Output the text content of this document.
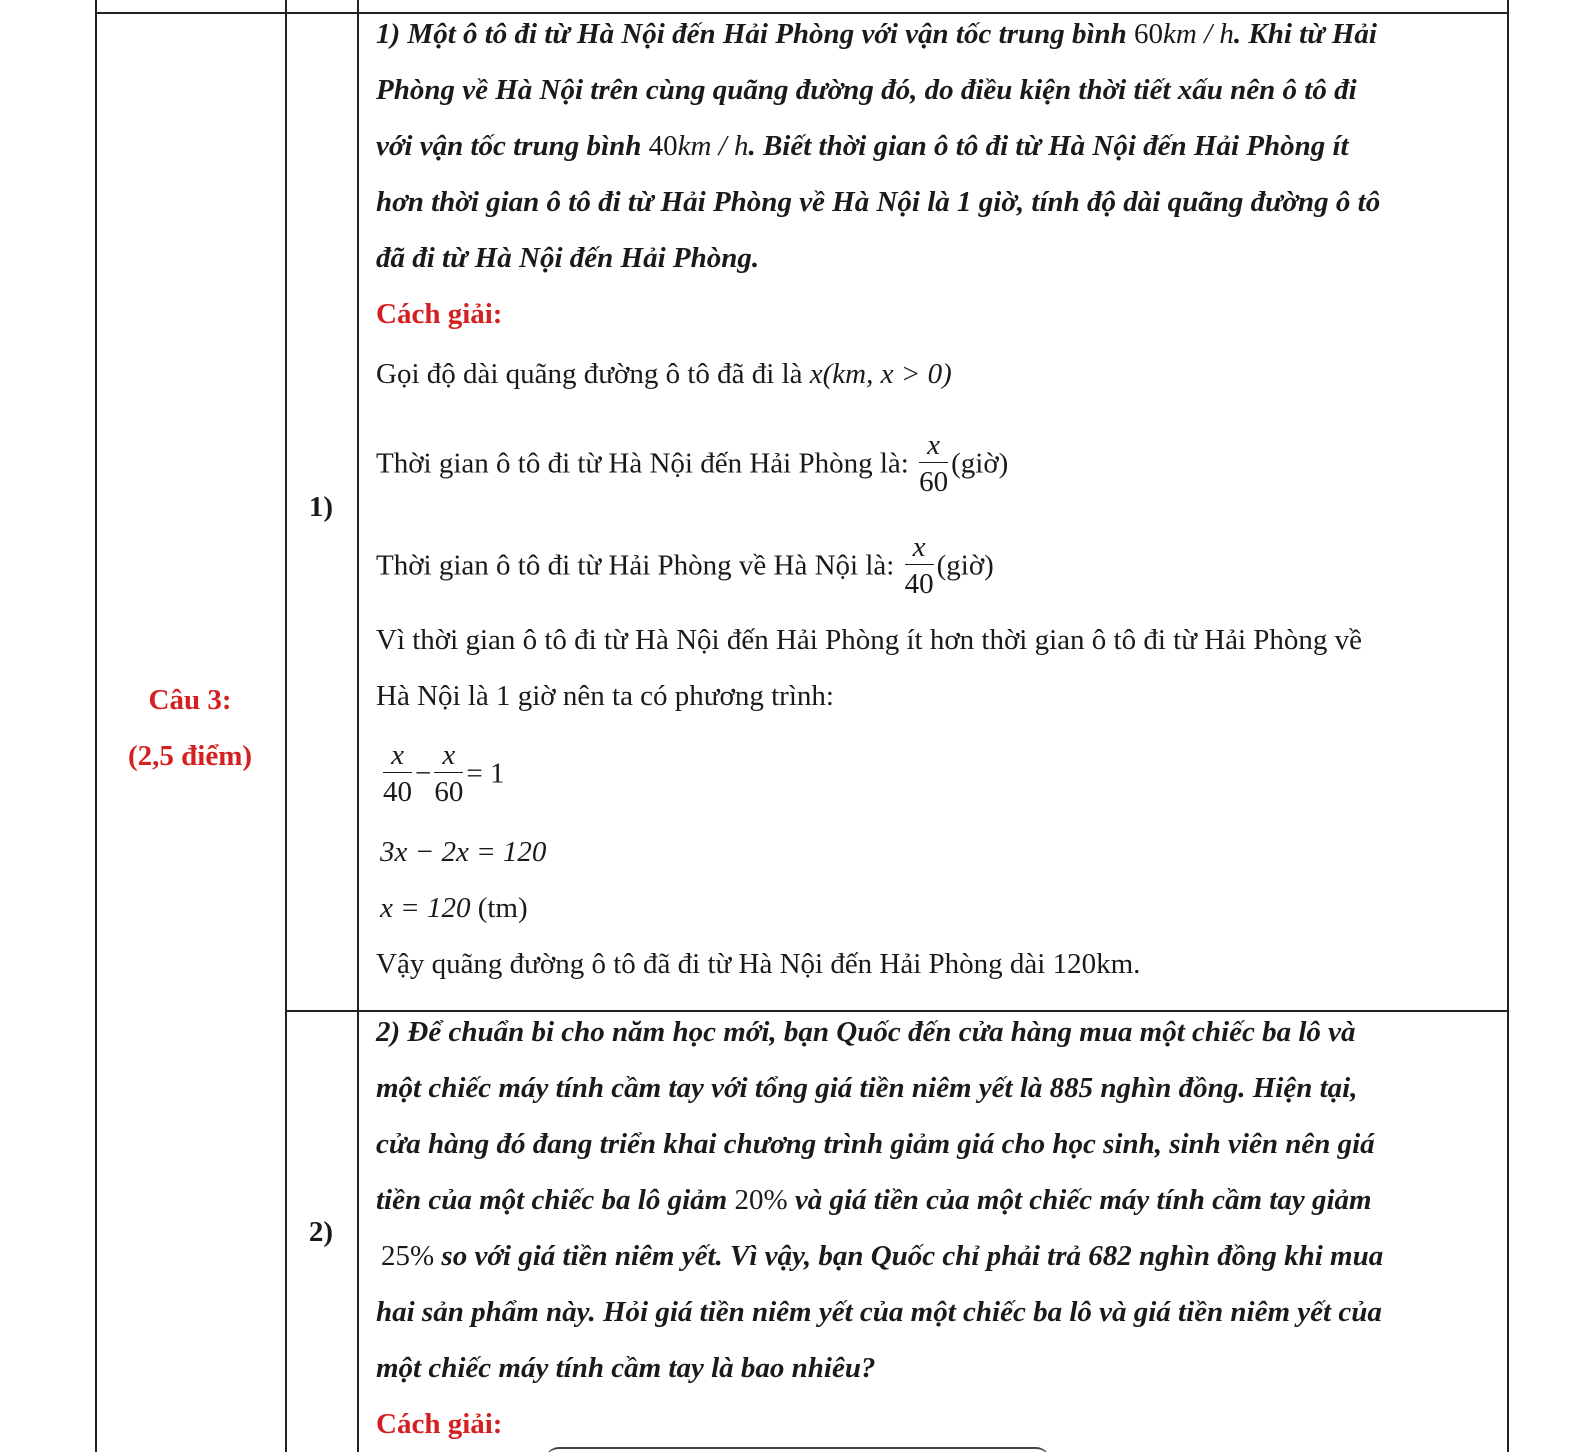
Câu 3:
(2,5 điểm)
1)
2)
1) Một ô tô đi từ Hà Nội đến Hải Phòng với vận tốc trung bình 60km / h. Khi từ Hải
Phòng về Hà Nội trên cùng quãng đường đó, do điều kiện thời tiết xấu nên ô tô đi
với vận tốc trung bình 40km / h. Biết thời gian ô tô đi từ Hà Nội đến Hải Phòng ít
hơn thời gian ô tô đi từ Hải Phòng về Hà Nội là 1 giờ, tính độ dài quãng đường ô tô
đã đi từ Hà Nội đến Hải Phòng.
Cách giải:
Gọi độ dài quãng đường ô tô đã đi là x(km, x > 0)
Thời gian ô tô đi từ Hà Nội đến Hải Phòng là: $\frac{x}{60}$ (giờ)
Thời gian ô tô đi từ Hải Phòng về Hà Nội là: $\frac{x}{40}$ (giờ)
Vì thời gian ô tô đi từ Hà Nội đến Hải Phòng ít hơn thời gian ô tô đi từ Hải Phòng về
Hà Nội là 1 giờ nên ta có phương trình:
$\frac{x}{40} - \frac{x}{60} = 1$
3x − 2x = 120
x = 120 (tm)
Vậy quãng đường ô tô đã đi từ Hà Nội đến Hải Phòng dài 120km.
2) Để chuẩn bi cho năm học mới, bạn Quốc đến cửa hàng mua một chiếc ba lô và
một chiếc máy tính cầm tay với tổng giá tiền niêm yết là 885 nghìn đồng. Hiện tại,
cửa hàng đó đang triển khai chương trình giảm giá cho học sinh, sinh viên nên giá
tiền của một chiếc ba lô giảm 20% và giá tiền của một chiếc máy tính cầm tay giảm
25% so với giá tiền niêm yết. Vì vậy, bạn Quốc chỉ phải trả 682 nghìn đồng khi mua
hai sản phẩm này. Hỏi giá tiền niêm yết của một chiếc ba lô và giá tiền niêm yết của
một chiếc máy tính cầm tay là bao nhiêu?
Cách giải:
